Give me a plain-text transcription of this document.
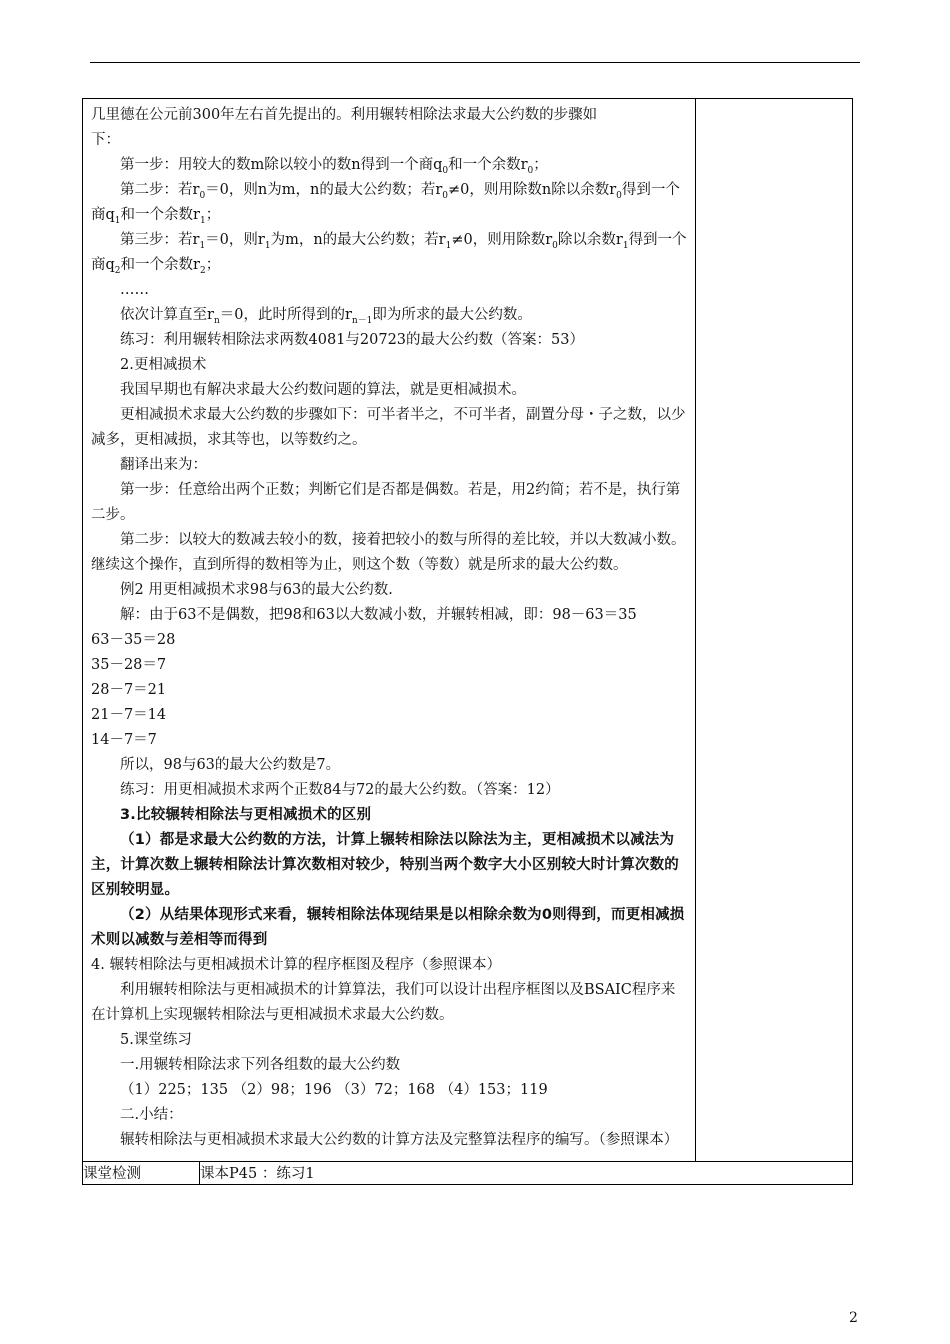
几里德在公元前300年左右首先提出的。利用辗转相除法求最大公约数的步骤如

下：

第一步：用较大的数m除以较小的数n得到一个商$q_0$和一个余数$r_0$；

第二步：若$r_0=0$，则n为m，n的最大公约数；若$r_0\ne 0$，则用除数n除以余数$r_0$得到一个商$q_1$和一个余数$r_1$；

第三步：若$r_1=0$，则$r_1$为m，n的最大公约数；若$r_1\ne 0$，则用除数$r_0$除以余数$r_1$得到一个商$q_2$和一个余数$r_2$；

……

依次计算直至$r_n=0$，此时所得到的$r_{n-1}$即为所求的最大公约数。

练习：利用辗转相除法求两数4081与20723的最大公约数（答案：53）

2.更相减损术

我国早期也有解决求最大公约数问题的算法，就是更相减损术。

更相减损术求最大公约数的步骤如下：可半者半之，不可半者，副置分母・子之数，以少减多，更相减损，求其等也，以等数约之。

翻译出来为：

第一步：任意给出两个正数；判断它们是否都是偶数。若是，用2约简；若不是，执行第二步。

第二步：以较大的数减去较小的数，接着把较小的数与所得的差比较，并以大数减小数。继续这个操作，直到所得的数相等为止，则这个数（等数）就是所求的最大公约数。

例2 用更相减损术求98与63的最大公约数.

解：由于63不是偶数，把98和63以大数减小数，并辗转相减，即：98－63＝35

63－35＝28

35－28＝7

28－7＝21

21－7＝14

14－7＝7

所以，98与63的最大公约数是7。

练习：用更相减损术求两个正数84与72的最大公约数。（答案：12）

3.比较辗转相除法与更相减损术的区别

（1）都是求最大公约数的方法，计算上辗转相除法以除法为主，更相减损术以减法为主，计算次数上辗转相除法计算次数相对较少，特别当两个数字大小区别较大时计算次数的区别较明显。

（2）从结果体现形式来看，辗转相除法体现结果是以相除余数为0则得到，而更相减损术则以减数与差相等而得到

4. 辗转相除法与更相减损术计算的程序框图及程序（参照课本）

利用辗转相除法与更相减损术的计算算法，我们可以设计出程序框图以及BSAIC程序来在计算机上实现辗转相除法与更相减损术求最大公约数。

5.课堂练习

一.用辗转相除法求下列各组数的最大公约数

（1）225；135 （2）98；196 （3）72；168 （4）153；119

二.小结：

辗转相除法与更相减损术求最大公约数的计算方法及完整算法程序的编写。（参照课本）

课堂检测	课本P45 ：练习1
2
